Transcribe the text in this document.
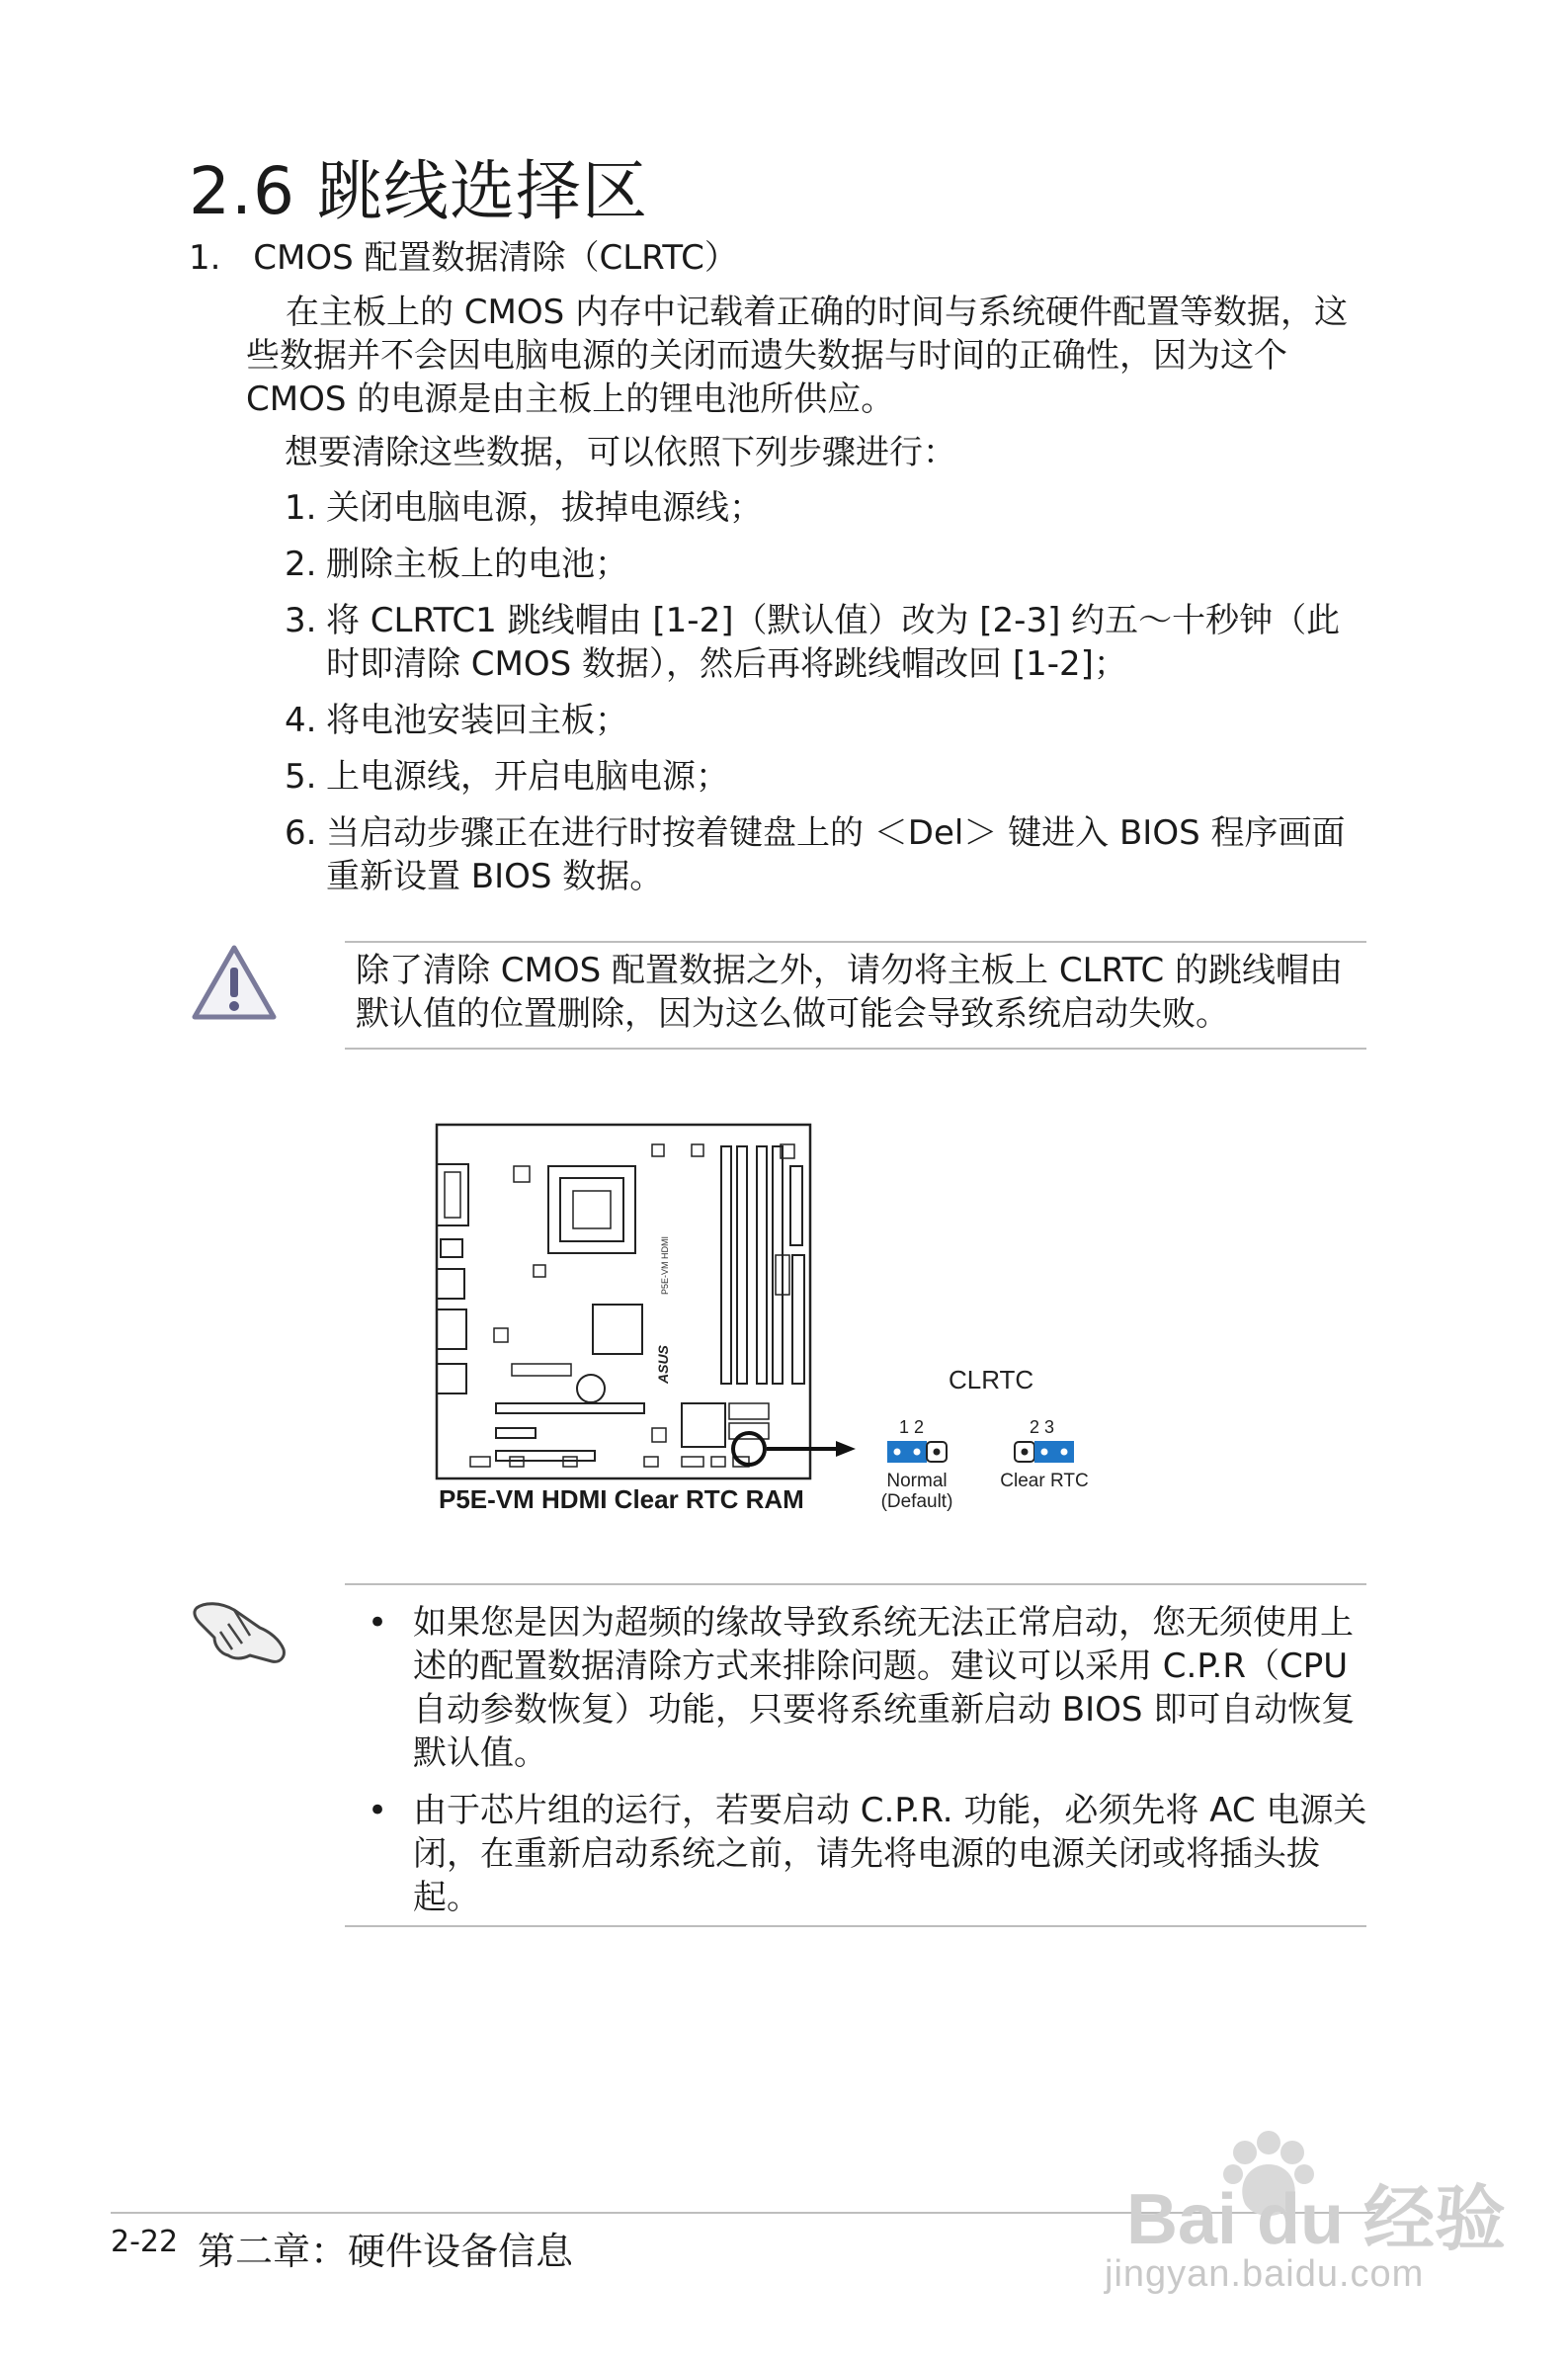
2.6 跳线选择区
1. CMOS 配置数据清除（CLRTC）
在主板上的 CMOS 内存中记载着正确的时间与系统硬件配置等数据，这些数据并不会因电脑电源的关闭而遗失数据与时间的正确性，因为这个 CMOS 的电源是由主板上的锂电池所供应。
想要清除这些数据，可以依照下列步骤进行：
1. 关闭电脑电源，拔掉电源线；
2. 删除主板上的电池；
3. 将 CLRTC1 跳线帽由 [1-2]（默认值）改为 [2-3] 约五～十秒钟（此时即清除 CMOS 数据），然后再将跳线帽改回 [1-2]；
4. 将电池安装回主板；
5. 上电源线，开启电脑电源；
6. 当启动步骤正在进行时按着键盘上的 ＜Del＞ 键进入 BIOS 程序画面重新设置 BIOS 数据。
除了清除 CMOS 配置数据之外，请勿将主板上 CLRTC 的跳线帽由默认值的位置删除，因为这么做可能会导致系统启动失败。
P5E-VM HDMI
ASUS	CLRTC
1 2	2 3
Normal
(Default)
Clear RTC
P5E-VM HDMI Clear RTC RAM
• 如果您是因为超频的缘故导致系统无法正常启动，您无须使用上述的配置数据清除方式来排除问题。建议可以采用 C.P.R（CPU自动参数恢复）功能，只要将系统重新启动 BIOS 即可自动恢复默认值。
• 由于芯片组的运行，若要启动 C.P.R. 功能，必须先将 AC 电源关闭，在重新启动系统之前，请先将电源的电源关闭或将插头拔起。
2-22 第二章：硬件设备信息	Bai du 经验
jingyan.baidu.com
